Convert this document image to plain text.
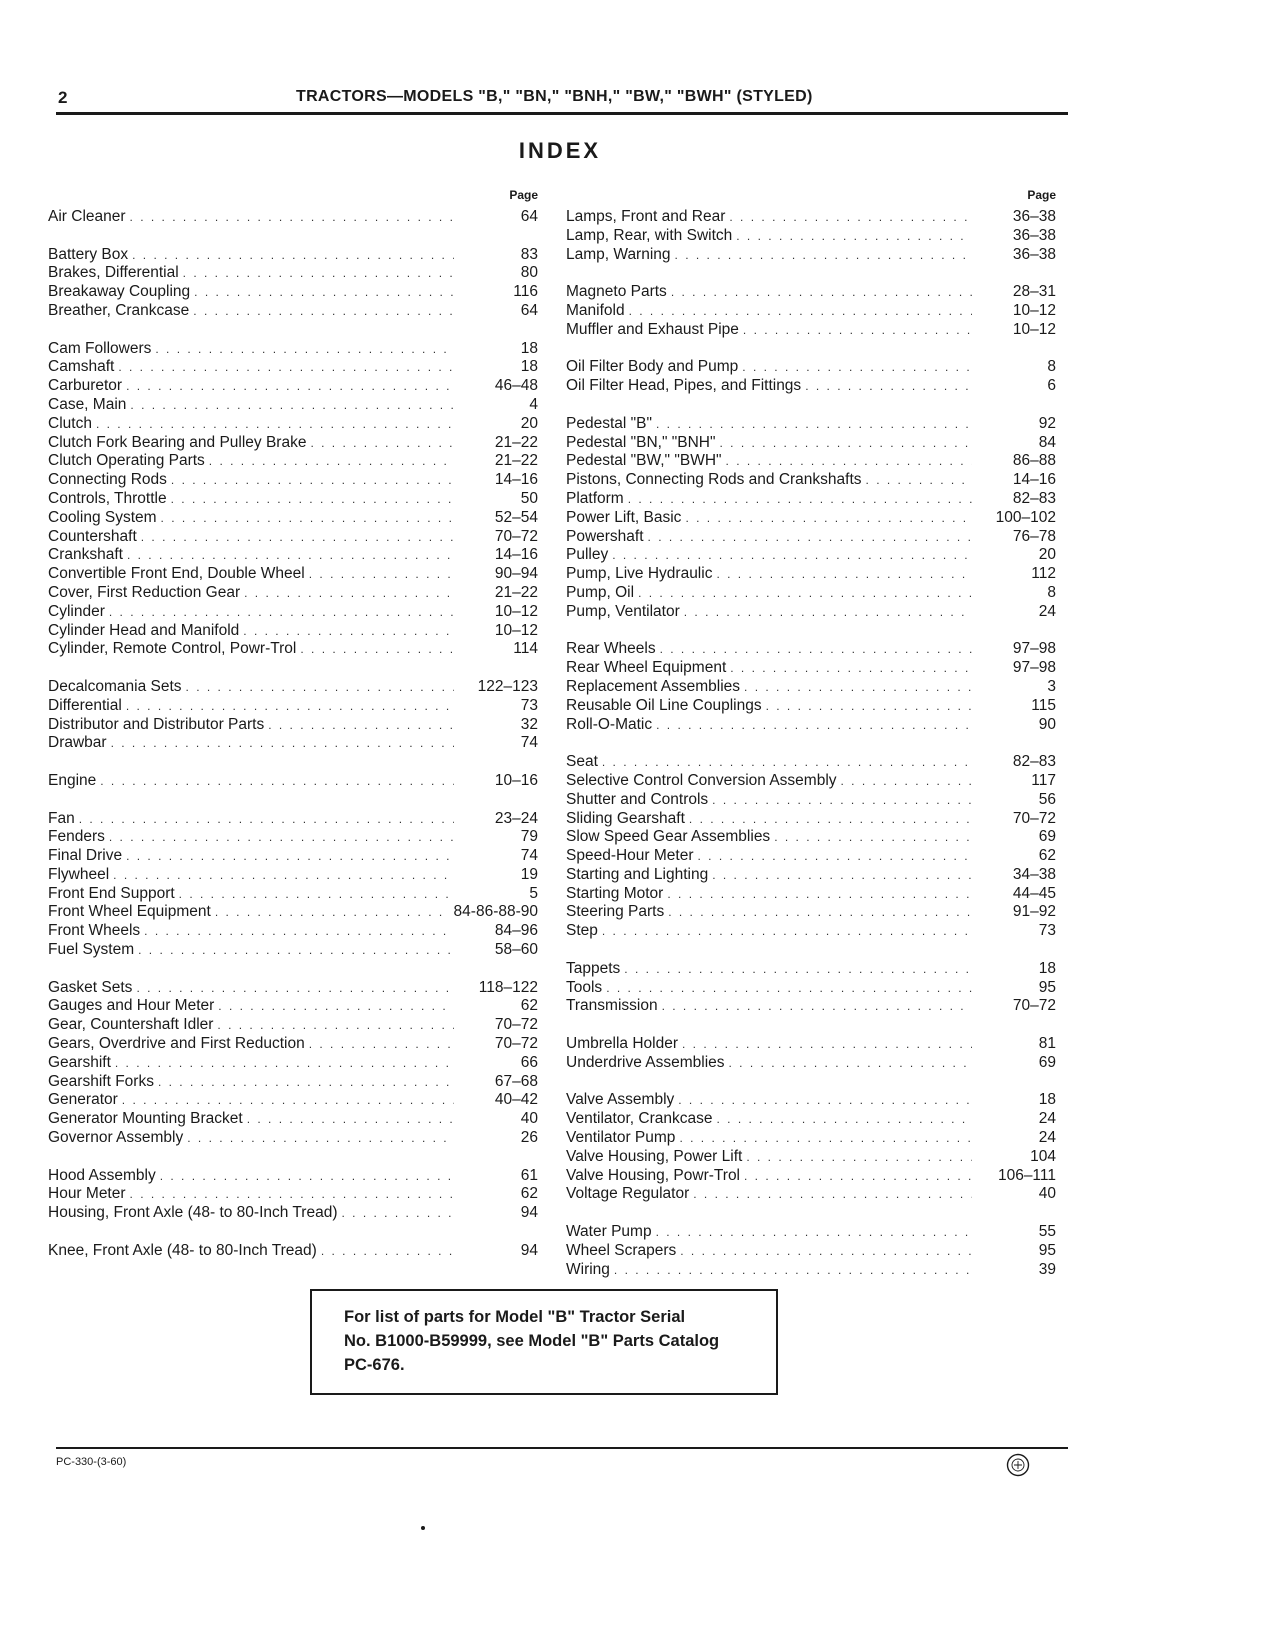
2	TRACTORS—MODELS "B," "BN," "BNH," "BW," "BWH" (STYLED)
INDEX
Page
Air Cleaner . . .	64
Battery Box . . .	83
Brakes, Differential . . .	80
Breakaway Coupling . . .	116
Breather, Crankcase . . .	64
Cam Followers . . .	18
Camshaft . . .	18
Carburetor . . .	46–48
Case, Main . . .	4
Clutch . . .	20
Clutch Fork Bearing and Pulley Brake . . .	21–22
Clutch Operating Parts . . .	21–22
Connecting Rods . . .	14–16
Controls, Throttle . . .	50
Cooling System . . .	52–54
Countershaft . . .	70–72
Crankshaft . . .	14–16
Convertible Front End, Double Wheel . . .	90–94
Cover, First Reduction Gear . . .	21–22
Cylinder . . .	10–12
Cylinder Head and Manifold . . .	10–12
Cylinder, Remote Control, Powr-Trol . . .	114
Decalcomania Sets . . .	122–123
Differential . . .	73
Distributor and Distributor Parts . . .	32
Drawbar . . .	74
Engine . . .	10–16
Fan . . .	23–24
Fenders . . .	79
Final Drive . . .	74
Flywheel . . .	19
Front End Support . . .	5
Front Wheel Equipment . . .	84-86-88-90
Front Wheels . . .	84–96
Fuel System . . .	58–60
Gasket Sets . . .	118–122
Gauges and Hour Meter . . .	62
Gear, Countershaft Idler . . .	70–72
Gears, Overdrive and First Reduction . . .	70–72
Gearshift . . .	66
Gearshift Forks . . .	67–68
Generator . . .	40–42
Generator Mounting Bracket . . .	40
Governor Assembly . . .	26
Hood Assembly . . .	61
Hour Meter . . .	62
Housing, Front Axle (48- to 80-Inch Tread) . . .	94
Knee, Front Axle (48- to 80-Inch Tread) . . .	94
Page
Lamps, Front and Rear . . .	36–38
Lamp, Rear, with Switch . . .	36–38
Lamp, Warning . . .	36–38
Magneto Parts . . .	28–31
Manifold . . .	10–12
Muffler and Exhaust Pipe . . .	10–12
Oil Filter Body and Pump . . .	8
Oil Filter Head, Pipes, and Fittings . . .	6
Pedestal "B" . . .	92
Pedestal "BN," "BNH" . . .	84
Pedestal "BW," "BWH" . . .	86–88
Pistons, Connecting Rods and Crankshafts . . .	14–16
Platform . . .	82–83
Power Lift, Basic . . .	100–102
Powershaft . . .	76–78
Pulley . . .	20
Pump, Live Hydraulic . . .	112
Pump, Oil . . .	8
Pump, Ventilator . . .	24
Rear Wheels . . .	97–98
Rear Wheel Equipment . . .	97–98
Replacement Assemblies . . .	3
Reusable Oil Line Couplings . . .	115
Roll-O-Matic . . .	90
Seat . . .	82–83
Selective Control Conversion Assembly . . .	117
Shutter and Controls . . .	56
Sliding Gearshaft . . .	70–72
Slow Speed Gear Assemblies . . .	69
Speed-Hour Meter . . .	62
Starting and Lighting . . .	34–38
Starting Motor . . .	44–45
Steering Parts . . .	91–92
Step . . .	73
Tappets . . .	18
Tools . . .	95
Transmission . . .	70–72
Umbrella Holder . . .	81
Underdrive Assemblies . . .	69
Valve Assembly . . .	18
Ventilator, Crankcase . . .	24
Ventilator Pump . . .	24
Valve Housing, Power Lift . . .	104
Valve Housing, Powr-Trol . . .	106–111
Voltage Regulator . . .	40
Water Pump . . .	55
Wheel Scrapers . . .	95
Wiring . . .	39
For list of parts for Model "B" Tractor Serial
No. B1000-B59999, see Model "B" Parts Catalog
PC-676.
PC-330-(3-60)
